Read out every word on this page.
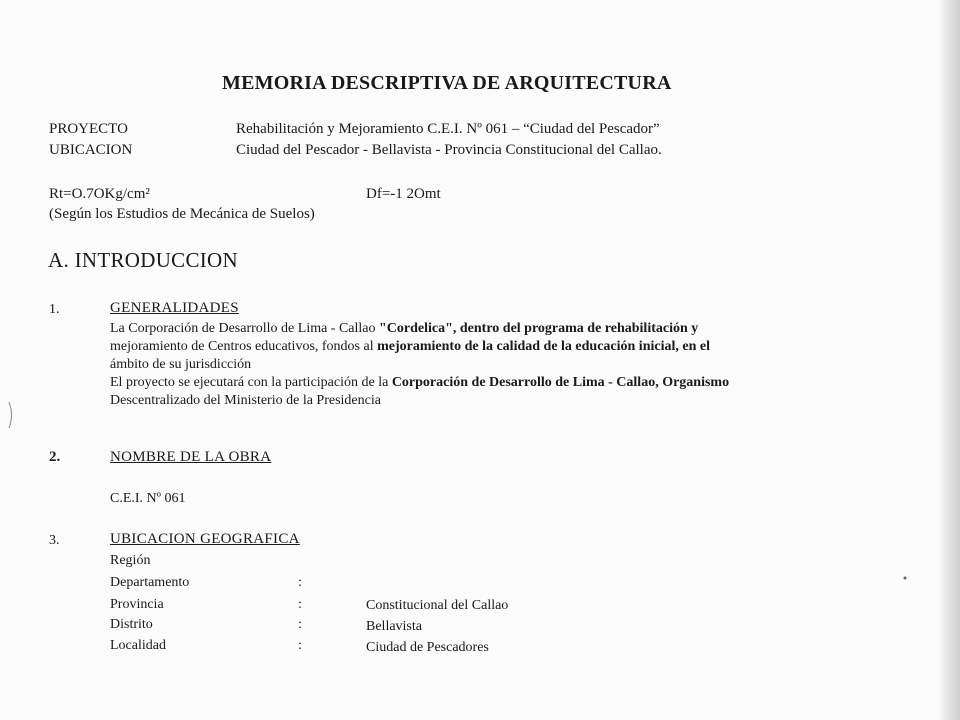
MEMORIA DESCRIPTIVA DE ARQUITECTURA
PROYECTO	Rehabilitación y Mejoramiento C.E.I. Nº 061 – “Ciudad del Pescador”
UBICACION	Ciudad del Pescador - Bellavista - Provincia Constitucional del Callao.
Rt=O.7OKg/cm²	Df=-1 2Omt
(Según los Estudios de Mecánica de Suelos)
A. INTRODUCCION
1.	GENERALIDADES

La Corporación de Desarrollo de Lima - Callao "Cordelica", dentro del programa de rehabilitación y

mejoramiento de Centros educativos, fondos al mejoramiento de la calidad de la educación inicial, en el

ámbito de su jurisdicción

El proyecto se ejecutará con la participación de la Corporación de Desarrollo de Lima - Callao, Organismo

Descentralizado del Ministerio de la Presidencia

2.	NOMBRE DE LA OBRA
C.E.I. Nº 061
3.	UBICACION GEOGRAFICA
Región
Departamento	:
Provincia	:	Constitucional del Callao
Distrito	:	Bellavista
Localidad	:	Ciudad de Pescadores
